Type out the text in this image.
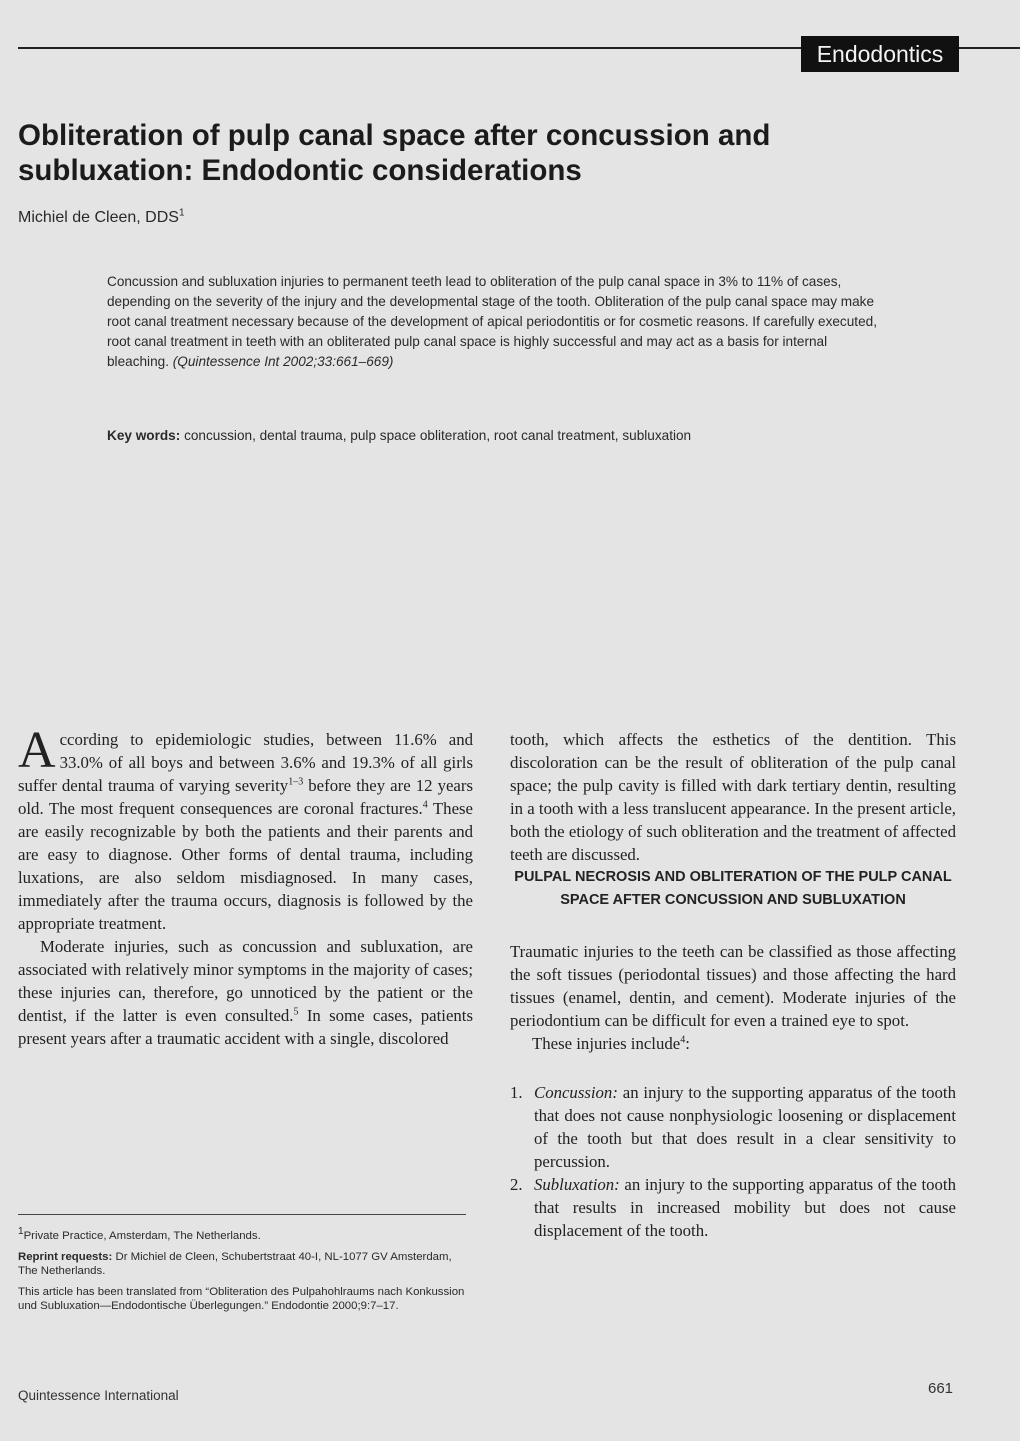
Endodontics
Obliteration of pulp canal space after concussion and subluxation: Endodontic considerations
Michiel de Cleen, DDS$^1$

Concussion and subluxation injuries to permanent teeth lead to obliteration of the pulp canal space in 3% to 11% of cases, depending on the severity of the injury and the developmental stage of the tooth. Obliteration of the pulp canal space may make root canal treatment necessary because of the development of apical periodontitis or for cosmetic reasons. If carefully executed, root canal treatment in teeth with an obliterated pulp canal space is highly successful and may act as a basis for internal bleaching. (Quintessence Int 2002;33:661–669)

Key words: concussion, dental trauma, pulp space obliteration, root canal treatment, subluxation

According to epidemiologic studies, between 11.6% and 33.0% of all boys and between 3.6% and 19.3% of all girls suffer dental trauma of varying severity$^{1-3}$ before they are 12 years old. The most frequent consequences are coronal fractures.$^4$ These are easily recognizable by both the patients and their parents and are easy to diagnose. Other forms of dental trauma, including luxations, are also seldom misdiagnosed. In many cases, immediately after the trauma occurs, diagnosis is followed by the appropriate treatment.

Moderate injuries, such as concussion and subluxation, are associated with relatively minor symptoms in the majority of cases; these injuries can, therefore, go unnoticed by the patient or the dentist, if the latter is even consulted.$^5$ In some cases, patients present years after a traumatic accident with a single, discolored

tooth, which affects the esthetics of the dentition. This discoloration can be the result of obliteration of the pulp canal space; the pulp cavity is filled with dark tertiary dentin, resulting in a tooth with a less translucent appearance. In the present article, both the etiology of such obliteration and the treatment of affected teeth are discussed.

PULPAL NECROSIS AND OBLITERATION OF THE PULP CANAL SPACE AFTER CONCUSSION AND SUBLUXATION

Traumatic injuries to the teeth can be classified as those affecting the soft tissues (periodontal tissues) and those affecting the hard tissues (enamel, dentin, and cement). Moderate injuries of the periodontium can be difficult for even a trained eye to spot.

These injuries include$^4$:

1. Concussion: an injury to the supporting apparatus of the tooth that does not cause nonphysiologic loosening or displacement of the tooth but that does result in a clear sensitivity to percussion.
2. Subluxation: an injury to the supporting apparatus of the tooth that results in increased mobility but does not cause displacement of the tooth.

$^1$Private Practice, Amsterdam, The Netherlands.

Reprint requests: Dr Michiel de Cleen, Schubertstraat 40-I, NL-1077 GV Amsterdam, The Netherlands.

This article has been translated from “Obliteration des Pulpahohlraums nach Konkussion und Subluxation—Endodontische Überlegungen.” Endodontie 2000;9:7–17.

Quintessence International	661
